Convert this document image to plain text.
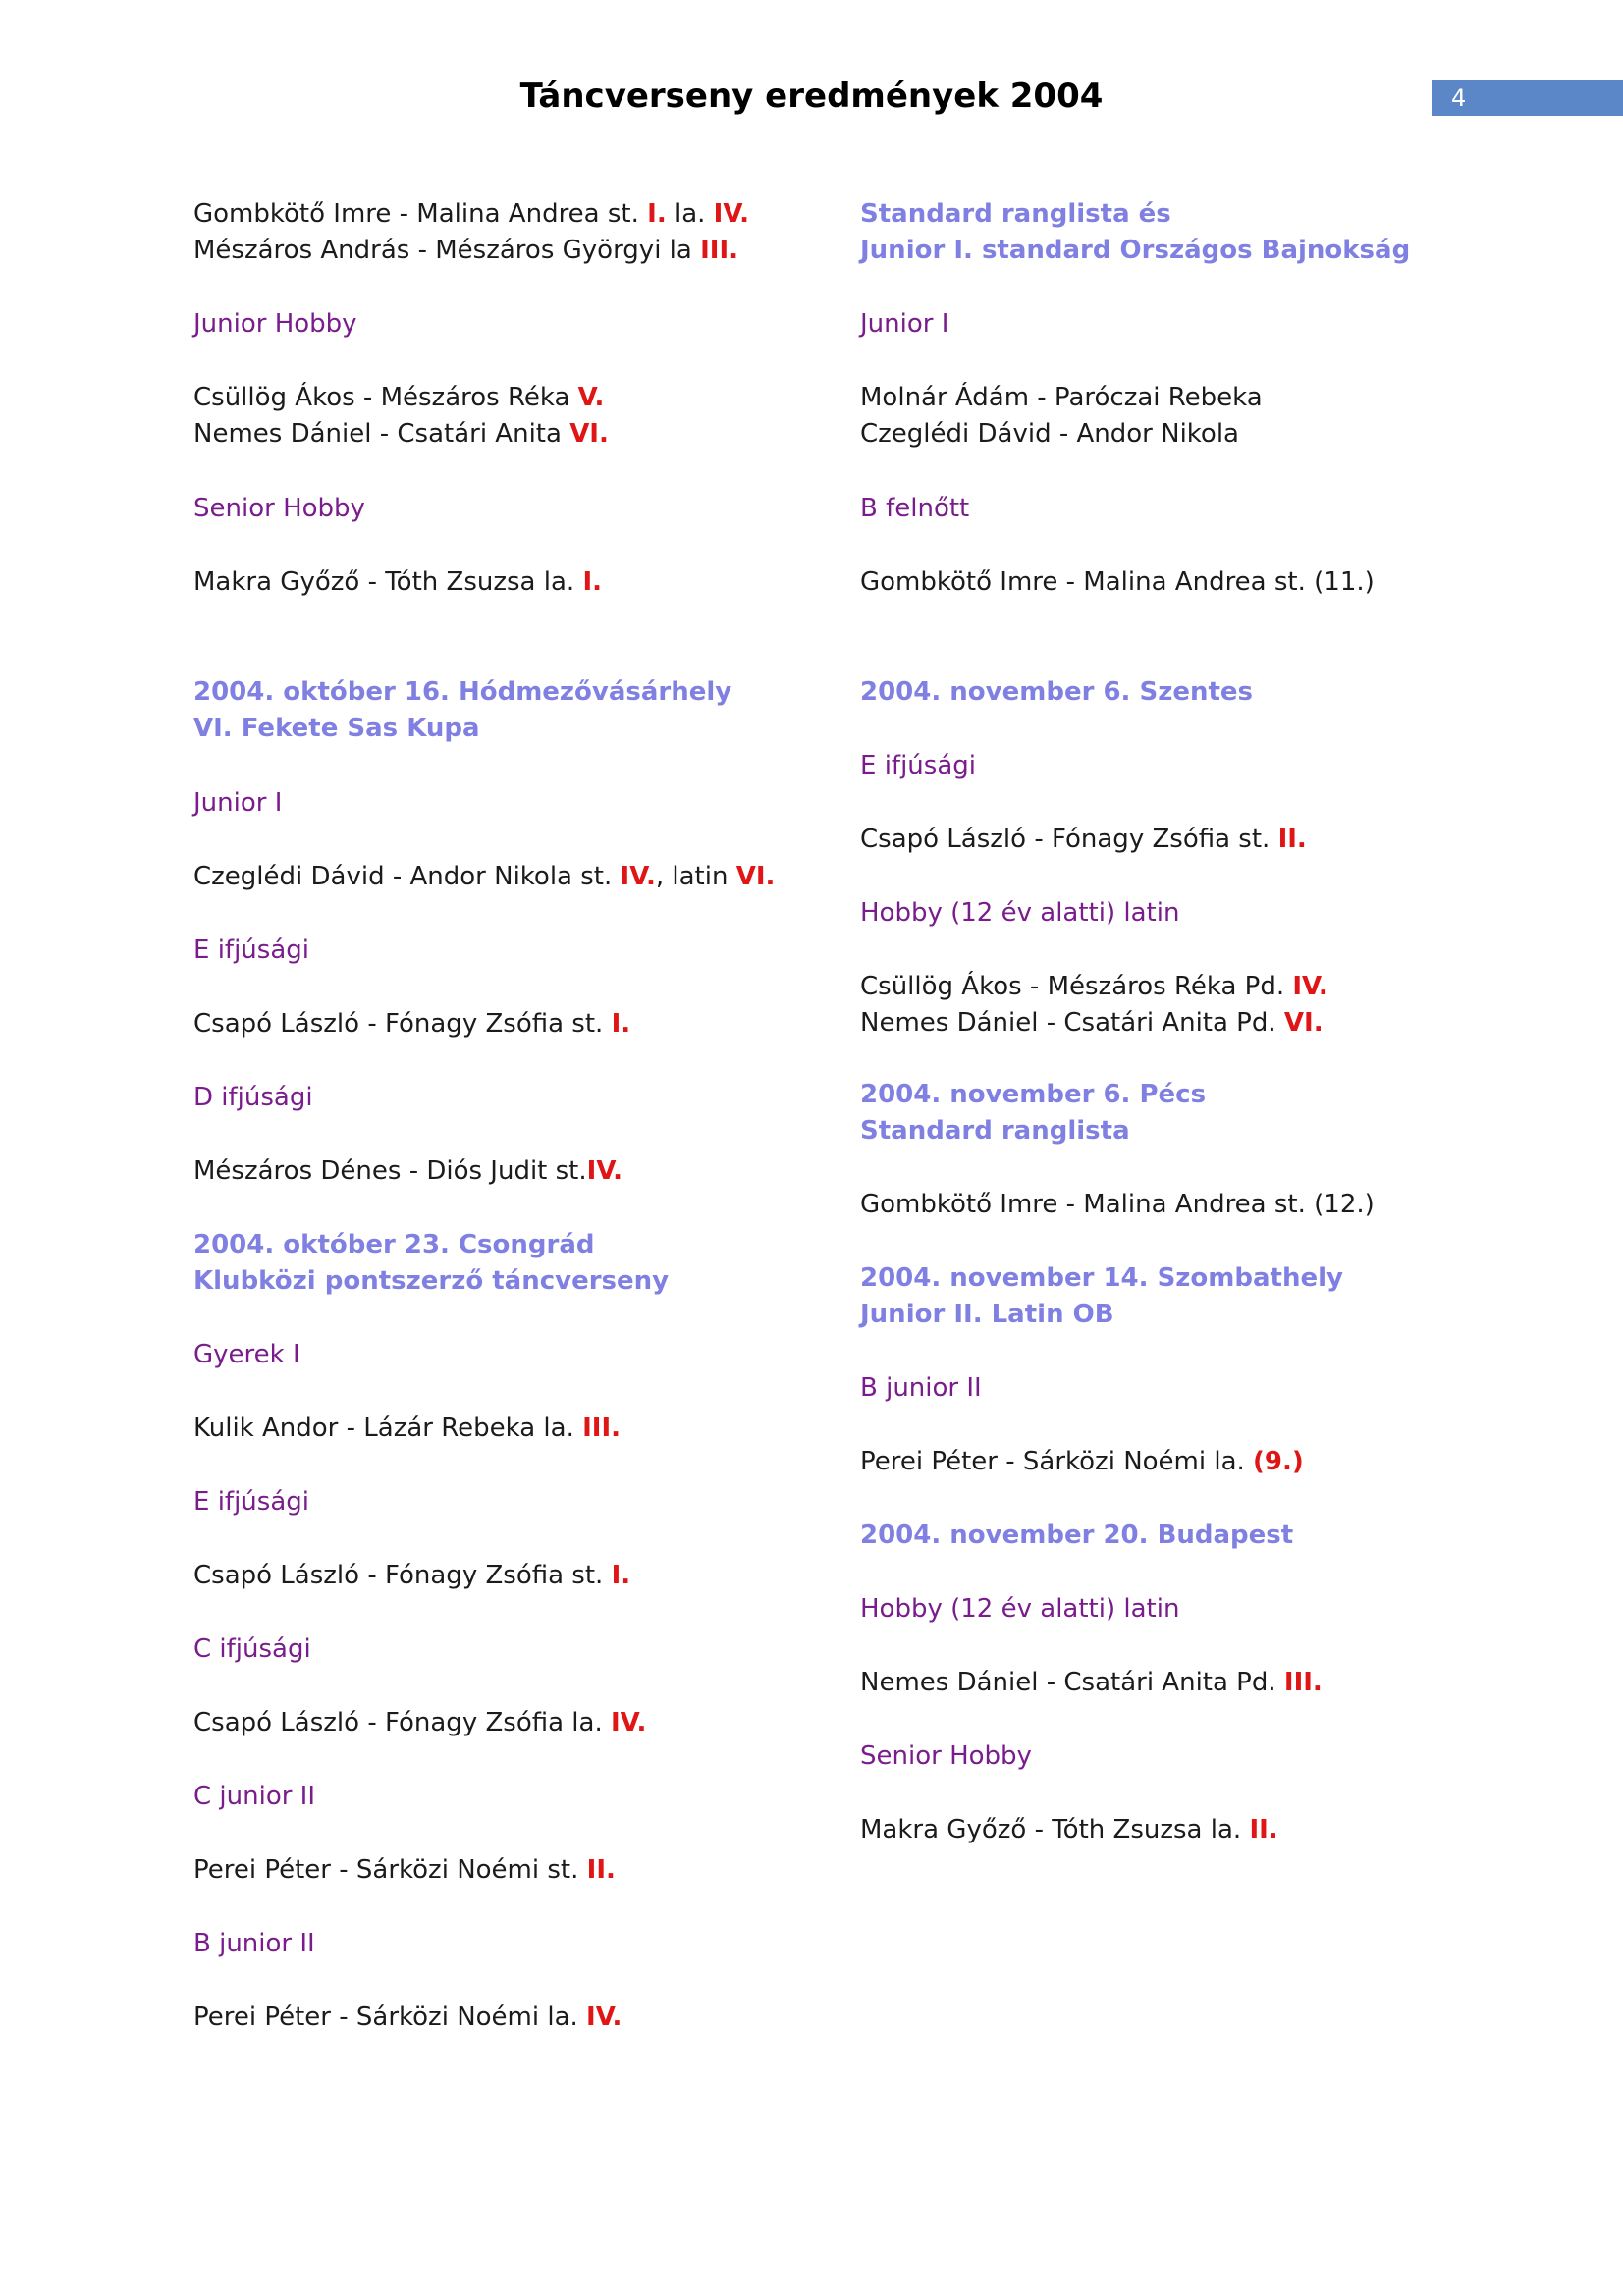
Táncverseny eredmények 2004	4
Gombkötő Imre - Malina Andrea st. I. la. IV.
Mészáros András - Mészáros Györgyi la III.
Junior Hobby
Csüllög Ákos - Mészáros Réka V.
Nemes Dániel - Csatári Anita VI.
Senior Hobby
Makra Győző - Tóth Zsuzsa la. I.
2004. október 16. Hódmezővásárhely
VI. Fekete Sas Kupa
Junior I
Czeglédi Dávid - Andor Nikola st. IV., latin VI.
E ifjúsági
Csapó László - Fónagy Zsófia st. I.
D ifjúsági
Mészáros Dénes - Diós Judit st.IV.
2004. október 23. Csongrád
Klubközi pontszerző táncverseny
Gyerek I
Kulik Andor - Lázár Rebeka la. III.
E ifjúsági
Csapó László - Fónagy Zsófia st. I.
C ifjúsági
Csapó László - Fónagy Zsófia la. IV.
C junior II
Perei Péter - Sárközi Noémi st. II.
B junior II
Perei Péter - Sárközi Noémi la. IV.
Standard ranglista és
Junior I. standard Országos Bajnokság
Junior I
Molnár Ádám - Paróczai Rebeka
Czeglédi Dávid - Andor Nikola
B felnőtt
Gombkötő Imre - Malina Andrea st. (11.)
2004. november 6. Szentes
E ifjúsági
Csapó László - Fónagy Zsófia st. II.
Hobby (12 év alatti) latin
Csüllög Ákos - Mészáros Réka Pd. IV.
Nemes Dániel - Csatári Anita Pd. VI.
2004. november 6. Pécs
Standard ranglista
Gombkötő Imre - Malina Andrea st. (12.)
2004. november 14. Szombathely
Junior II. Latin OB
B junior II
Perei Péter - Sárközi Noémi la. (9.)
2004. november 20. Budapest
Hobby (12 év alatti) latin
Nemes Dániel - Csatári Anita Pd. III.
Senior Hobby
Makra Győző - Tóth Zsuzsa la. II.
